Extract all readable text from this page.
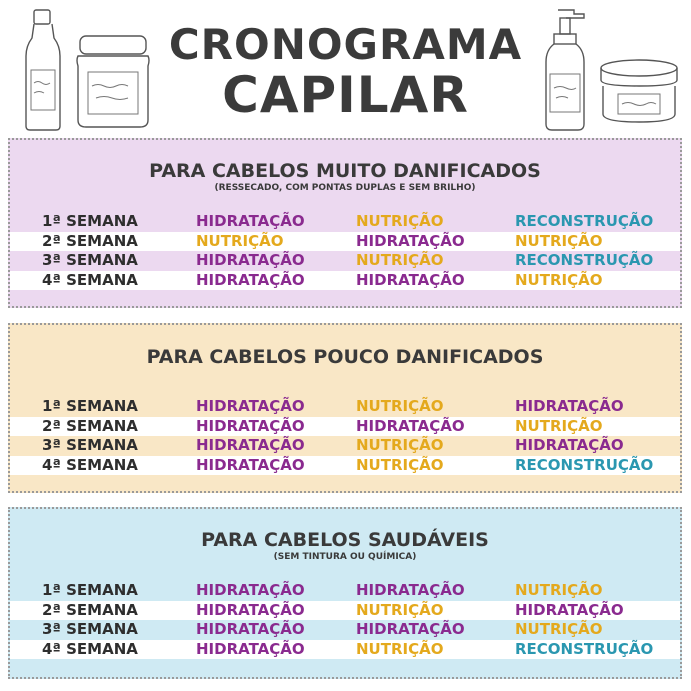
CRONOGRAMA
CAPILAR
PARA CABELOS MUITO DANIFICADOS
(RESSECADO, COM PONTAS DUPLAS E SEM BRILHO)
1ª SEMANA	HIDRATAÇÃO	NUTRIÇÃO	RECONSTRUÇÃO
2ª SEMANA	NUTRIÇÃO	HIDRATAÇÃO	NUTRIÇÃO
3ª SEMANA	HIDRATAÇÃO	NUTRIÇÃO	RECONSTRUÇÃO
4ª SEMANA	HIDRATAÇÃO	HIDRATAÇÃO	NUTRIÇÃO
PARA CABELOS POUCO DANIFICADOS
1ª SEMANA	HIDRATAÇÃO	NUTRIÇÃO	HIDRATAÇÃO
2ª SEMANA	HIDRATAÇÃO	HIDRATAÇÃO	NUTRIÇÃO
3ª SEMANA	HIDRATAÇÃO	NUTRIÇÃO	HIDRATAÇÃO
4ª SEMANA	HIDRATAÇÃO	NUTRIÇÃO	RECONSTRUÇÃO
PARA CABELOS SAUDÁVEIS
(SEM TINTURA OU QUÍMICA)
1ª SEMANA	HIDRATAÇÃO	HIDRATAÇÃO	NUTRIÇÃO
2ª SEMANA	HIDRATAÇÃO	NUTRIÇÃO	HIDRATAÇÃO
3ª SEMANA	HIDRATAÇÃO	HIDRATAÇÃO	NUTRIÇÃO
4ª SEMANA	HIDRATAÇÃO	NUTRIÇÃO	RECONSTRUÇÃO
